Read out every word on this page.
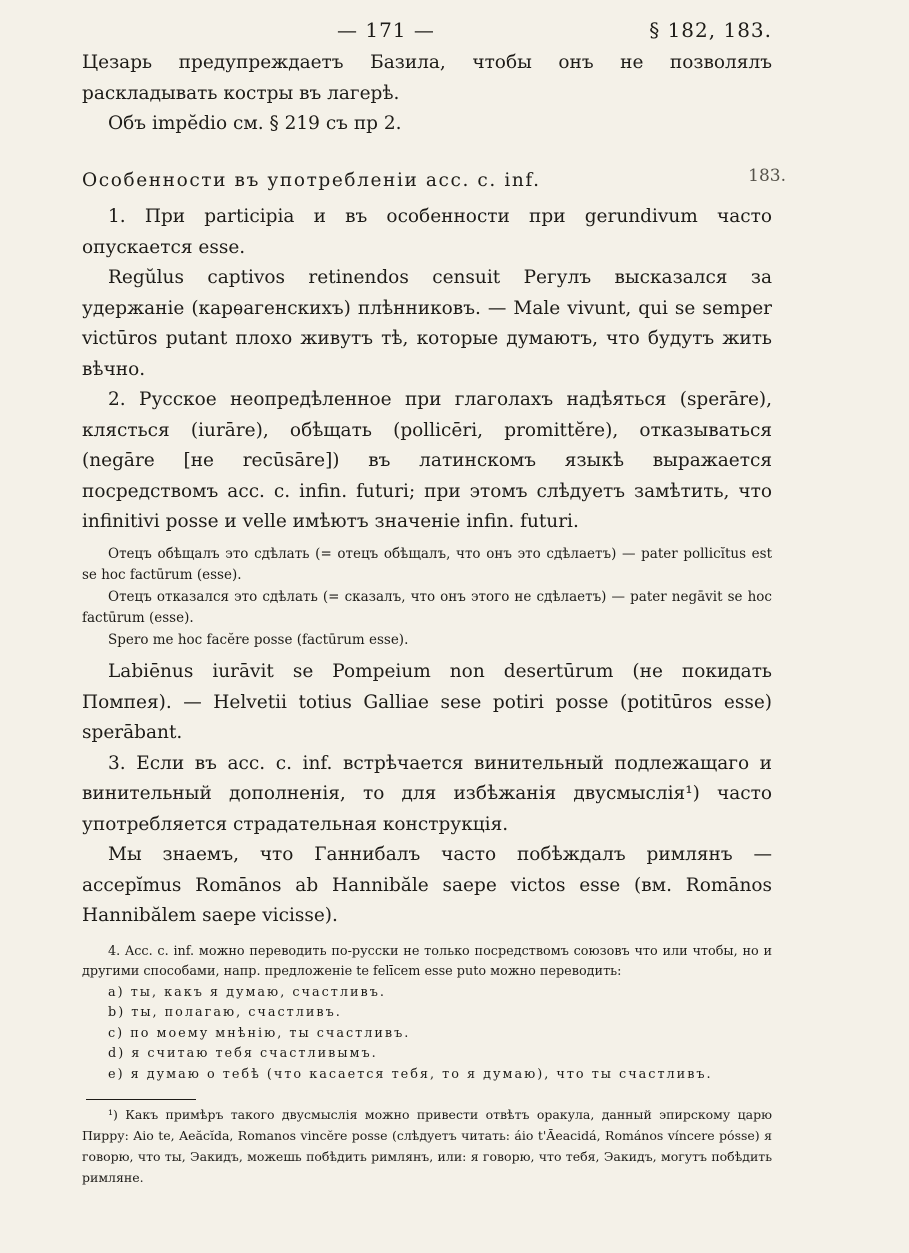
— 171 —	§ 182, 183.

Цезарь предупреждаетъ Базила, чтобы онъ не позволялъ раскладывать костры въ лагерѣ.

Объ impĕdio см. § 219 съ пр 2.

Особенности въ употребленіи acc. c. inf.	183.

1. При participia и въ особенности при gerundivum часто опускается esse.

Regŭlus captivos retinendos censuit Регулъ высказался за удержаніе (карѳагенскихъ) плѣнниковъ. — Male vivunt, qui se semper victūros putant плохо живутъ тѣ, которые думаютъ, что будутъ жить вѣчно.

2. Русское неопредѣленное при глаголахъ надѣяться (sperāre), клясться (iurāre), обѣщать (pollicēri, promittĕre), отказываться (negāre [не recūsāre]) въ латинскомъ языкѣ выражается посредствомъ acc. c. infin. futuri; при этомъ слѣдуетъ замѣтить, что infinitivi posse и velle имѣютъ значеніе infin. futuri.

Отецъ обѣщалъ это сдѣлать (= отецъ обѣщалъ, что онъ это сдѣлаетъ) — pater pollicĭtus est se hoc factūrum (esse).

Отецъ отказался это сдѣлать (= сказалъ, что онъ этого не сдѣлаетъ) — pater negāvit se hoc factūrum (esse).

Spero me hoc facĕre posse (factūrum esse).

Labiēnus iurāvit se Pompeium non desertūrum (не покидать Помпея). — Helvetii totius Galliae sese potiri posse (potitūros esse) sperābant.

3. Если въ acc. c. inf. встрѣчается винительный подлежащаго и винительный дополненія, то для избѣжанія двусмыслія¹) часто употребляется страдательная конструкція.

Мы знаемъ, что Ганнибалъ часто побѣждалъ римлянъ — accepĭmus Romānos ab Hannibăle saepe victos esse (вм. Romānos Hannibălem saepe vicisse).

4. Acc. c. inf. можно переводить по-русски не только посредствомъ союзовъ что или чтобы, но и другими способами, напр. предложеніе te felīcem esse puto можно переводить:

a) ты, какъ я думаю, счастливъ.

b) ты, полагаю, счастливъ.

c) по моему мнѣнію, ты счастливъ.

d) я считаю тебя счастливымъ.

e) я думаю о тебѣ (что касается тебя, то я думаю), что ты счастливъ.

¹) Какъ примѣръ такого двусмыслія можно привести отвѣтъ оракула, данный эпирскому царю Пирру: Aio te, Aeăcĭda, Romanos vincĕre posse (слѣдуетъ читать: áio t'Āeacidá, Romános víncere pósse) я говорю, что ты, Эакидъ, можешь побѣдить римлянъ, или: я говорю, что тебя, Эакидъ, могутъ побѣдить римляне.
